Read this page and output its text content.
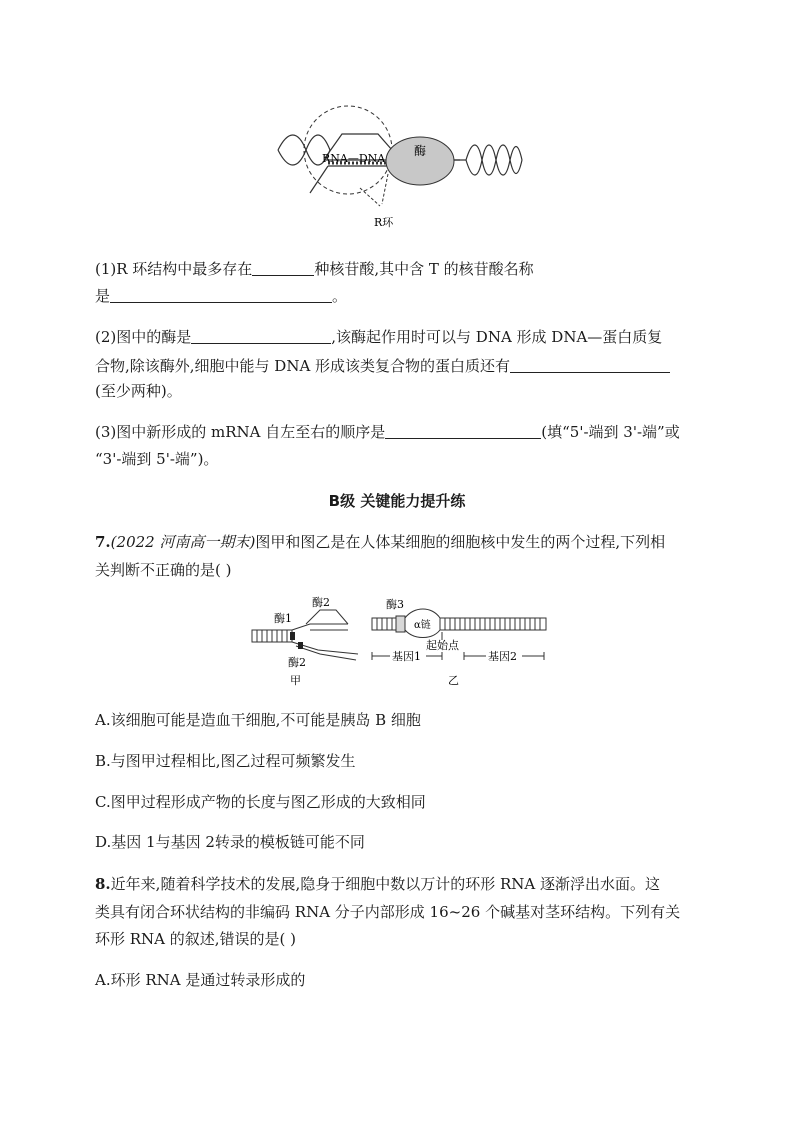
酶
RNA—DNA
R环
(1)R 环结构中最多存在	种核苷酸,其中含 T 的核苷酸名称
是	。
(2)图中的酶是	,该酶起作用时可以与 DNA 形成 DNA—蛋白质复
合物,除该酶外,细胞中能与 DNA 形成该类复合物的蛋白质还有
(至少两种)。
(3)图中新形成的 mRNA 自左至右的顺序是	(填“5'-端到 3'-端”或
“3'-端到 5'-端”)。
B级 关键能力提升练
7.(2022 河南高一期末)图甲和图乙是在人体某细胞的细胞核中发生的两个过程,下列相
关判断不正确的是( )
酶1
酶2
酶2
甲
α链
酶3
起始点
基因1	基因2
乙
A.该细胞可能是造血干细胞,不可能是胰岛 B 细胞
B.与图甲过程相比,图乙过程可频繁发生
C.图甲过程形成产物的长度与图乙形成的大致相同
D.基因 1与基因 2转录的模板链可能不同
8.近年来,随着科学技术的发展,隐身于细胞中数以万计的环形 RNA 逐渐浮出水面。这
类具有闭合环状结构的非编码 RNA 分子内部形成 16~26 个碱基对茎环结构。下列有关
环形 RNA 的叙述,错误的是( )
A.环形 RNA 是通过转录形成的
